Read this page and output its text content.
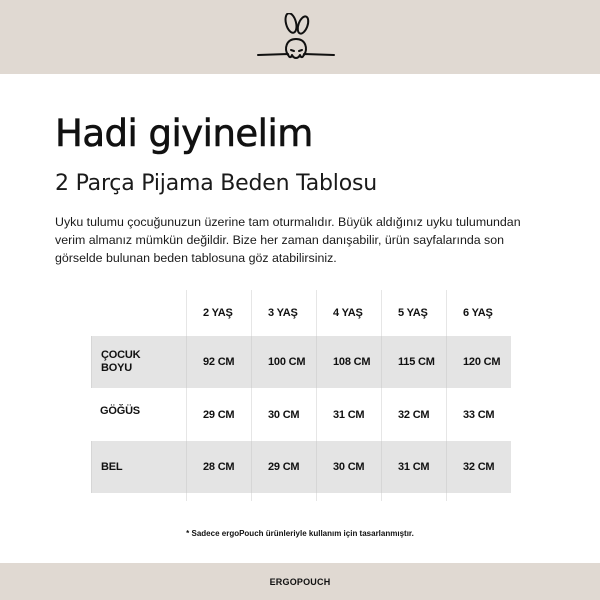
Hadi giyinelim
2 Parça Pijama Beden Tablosu
Uyku tulumu çocuğunuzun üzerine tam oturmalıdır. Büyük aldığınız uyku tulumundan
verim almanız mümkün değildir. Bize her zaman danışabilir, ürün sayfalarında son
görselde bulunan beden tablosuna göz atabilirsiniz.
2 YAŞ	3 YAŞ	4 YAŞ	5 YAŞ	6 YAŞ
ÇOCUK
BOYU	92 CM	100 CM	108 CM	115 CM	120 CM
GÖĞÜS	29 CM	30 CM	31 CM	32 CM	33 CM
BEL	28 CM	29 CM	30 CM	31 CM	32 CM
* Sadece ergoPouch ürünleriyle kullanım için tasarlanmıştır.
ERGOPOUCH
